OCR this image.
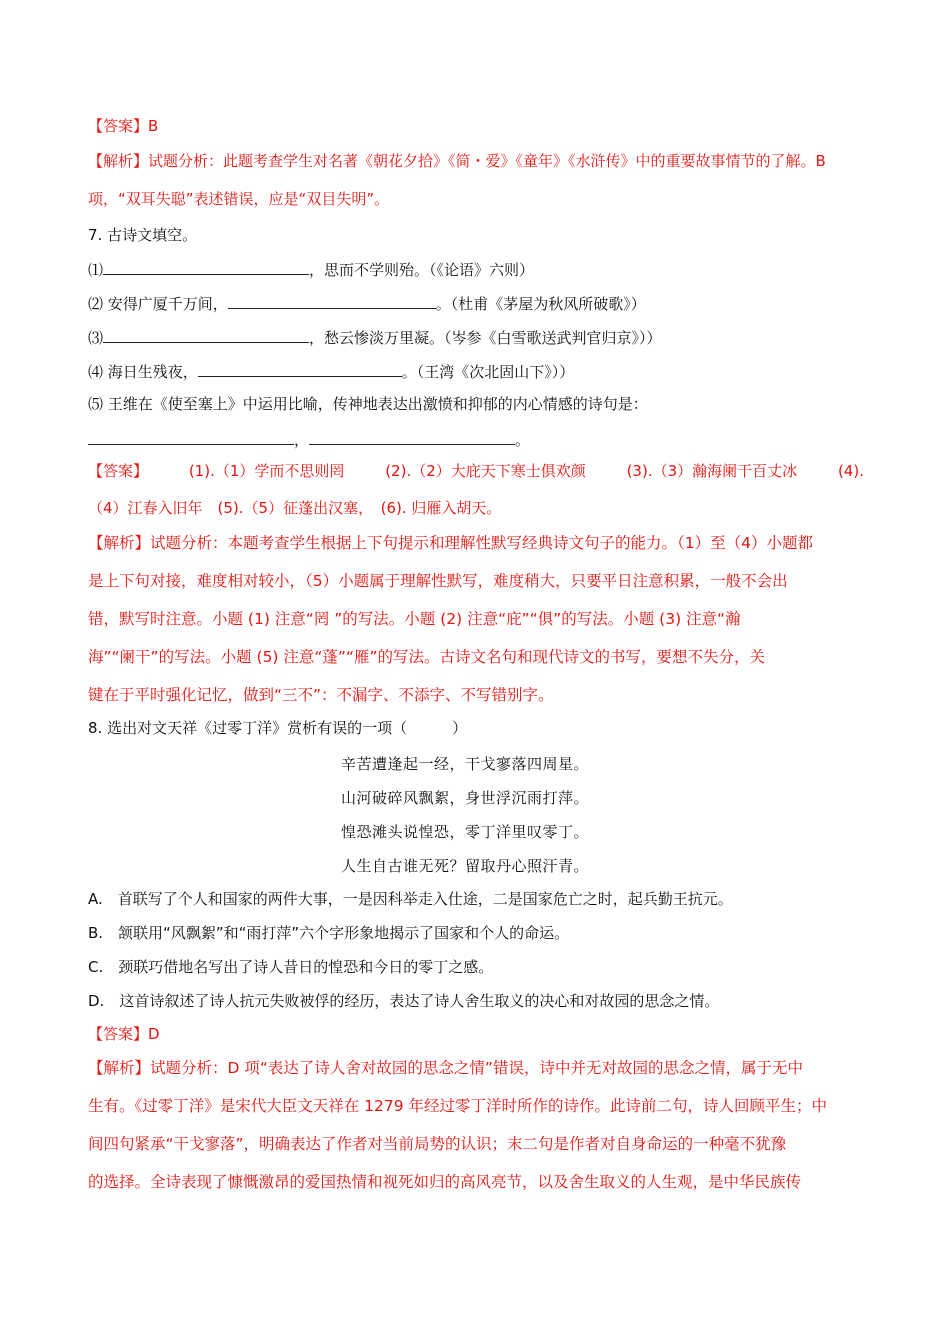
【答案】B
【解析】试题分析：此题考查学生对名著《朝花夕拾》《简・爱》《童年》《水浒传》中的重要故事情节的了解。B
项，“双耳失聪”表述错误，应是“双目失明”。
7. 古诗文填空。
⑴	，思而不学则殆。（《论语》六则）
⑵ 安得广厦千万间，	。（杜甫《茅屋为秋风所破歌》）
⑶	，愁云惨淡万里凝。（岑参《白雪歌送武判官归京》））
⑷ 海日生残夜，	。（王湾《次北固山下》））
⑸ 王维在《使至塞上》中运用比喻，传神地表达出激愤和抑郁的内心情感的诗句是：
，	。
【答案】	(1).（1）学而不思则罔	(2).（2）大庇天下寒士俱欢颜	(3).（3）瀚海阑干百丈冰	(4).
（4）江春入旧年　(5).（5）征蓬出汉塞，　(6). 归雁入胡天。
【解析】试题分析：本题考查学生根据上下句提示和理解性默写经典诗文句子的能力。（1）至（4）小题都
是上下句对接，难度相对较小，（5）小题属于理解性默写，难度稍大，只要平日注意积累，一般不会出
错，默写时注意。小题 (1) 注意“罔 ”的写法。小题 (2) 注意“庇”“俱”的写法。小题 (3) 注意“瀚
海”“阑干”的写法。小题 (5) 注意“蓬”“雁”的写法。古诗文名句和现代诗文的书写，要想不失分，关
键在于平时强化记忆，做到“三不”：不漏字、不添字、不写错别字。
8. 选出对文天祥《过零丁洋》赏析有误的一项（　　　）
辛苦遭逢起一经，干戈寥落四周星。
山河破碎风飘絮，身世浮沉雨打萍。
惶恐滩头说惶恐，零丁洋里叹零丁。
人生自古谁无死？留取丹心照汗青。
A.　首联写了个人和国家的两件大事，一是因科举走入仕途，二是国家危亡之时，起兵勤王抗元。
B.　颔联用“风飘絮”和“雨打萍”六个字形象地揭示了国家和个人的命运。
C.　颈联巧借地名写出了诗人昔日的惶恐和今日的零丁之感。
D.　这首诗叙述了诗人抗元失败被俘的经历，表达了诗人舍生取义的决心和对故园的思念之情。
【答案】D
【解析】试题分析：D 项“表达了诗人舍对故园的思念之情”错误，诗中并无对故园的思念之情，属于无中
生有。《过零丁洋》是宋代大臣文天祥在 1279 年经过零丁洋时所作的诗作。此诗前二句，诗人回顾平生；中
间四句紧承“干戈寥落”，明确表达了作者对当前局势的认识；末二句是作者对自身命运的一种毫不犹豫
的选择。全诗表现了慷慨激昂的爱国热情和视死如归的高风亮节，以及舍生取义的人生观，是中华民族传
